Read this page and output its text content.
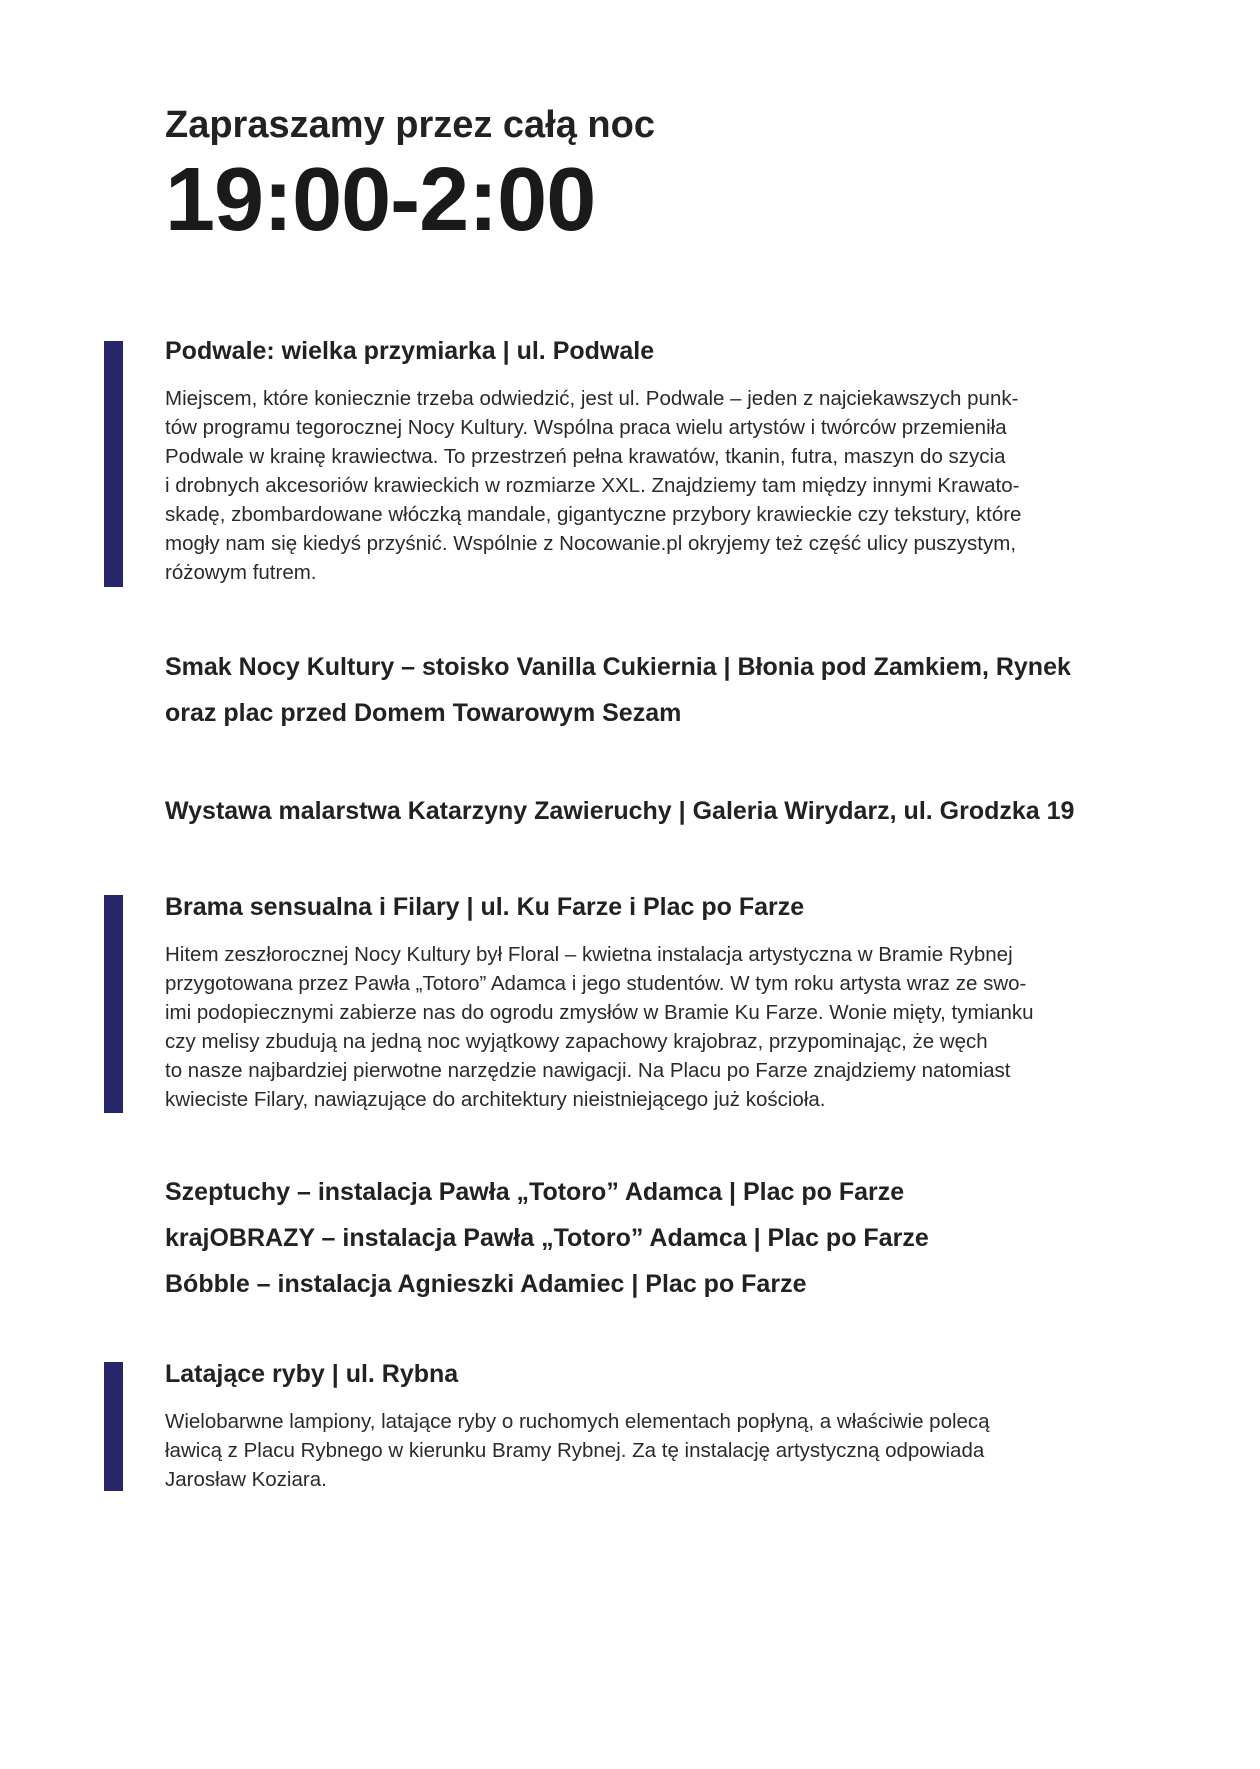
Zapraszamy przez całą noc
19:00-2:00
Podwale: wielka przymiarka | ul. Podwale

Miejscem, które koniecznie trzeba odwiedzić, jest ul. Podwale – jeden z najciekawszych punk-
tów programu tegorocznej Nocy Kultury. Wspólna praca wielu artystów i twórców przemieniła
Podwale w krainę krawiectwa. To przestrzeń pełna krawatów, tkanin, futra, maszyn do szycia
i drobnych akcesoriów krawieckich w rozmiarze XXL. Znajdziemy tam między innymi Krawato-
skadę, zbombardowane włóczką mandale, gigantyczne przybory krawieckie czy tekstury, które
mogły nam się kiedyś przyśnić. Wspólnie z Nocowanie.pl okryjemy też część ulicy puszystym,
różowym futrem.

Smak Nocy Kultury – stoisko Vanilla Cukiernia | Błonia pod Zamkiem, Rynek
oraz plac przed Domem Towarowym Sezam
Wystawa malarstwa Katarzyny Zawieruchy | Galeria Wirydarz, ul. Grodzka 19
Brama sensualna i Filary | ul. Ku Farze i Plac po Farze

Hitem zeszłorocznej Nocy Kultury był Floral – kwietna instalacja artystyczna w Bramie Rybnej
przygotowana przez Pawła „Totoro” Adamca i jego studentów. W tym roku artysta wraz ze swo-
imi podopiecznymi zabierze nas do ogrodu zmysłów w Bramie Ku Farze. Wonie mięty, tymianku
czy melisy zbudują na jedną noc wyjątkowy zapachowy krajobraz, przypominając, że węch
to nasze najbardziej pierwotne narzędzie nawigacji. Na Placu po Farze znajdziemy natomiast
kwieciste Filary, nawiązujące do architektury nieistniejącego już kościoła.

Szeptuchy – instalacja Pawła „Totoro” Adamca | Plac po Farze
krajOBRAZY – instalacja Pawła „Totoro” Adamca | Plac po Farze
Bóbble – instalacja Agnieszki Adamiec | Plac po Farze
Latające ryby | ul. Rybna

Wielobarwne lampiony, latające ryby o ruchomych elementach popłyną, a właściwie polecą
ławicą z Placu Rybnego w kierunku Bramy Rybnej. Za tę instalację artystyczną odpowiada
Jarosław Koziara.
